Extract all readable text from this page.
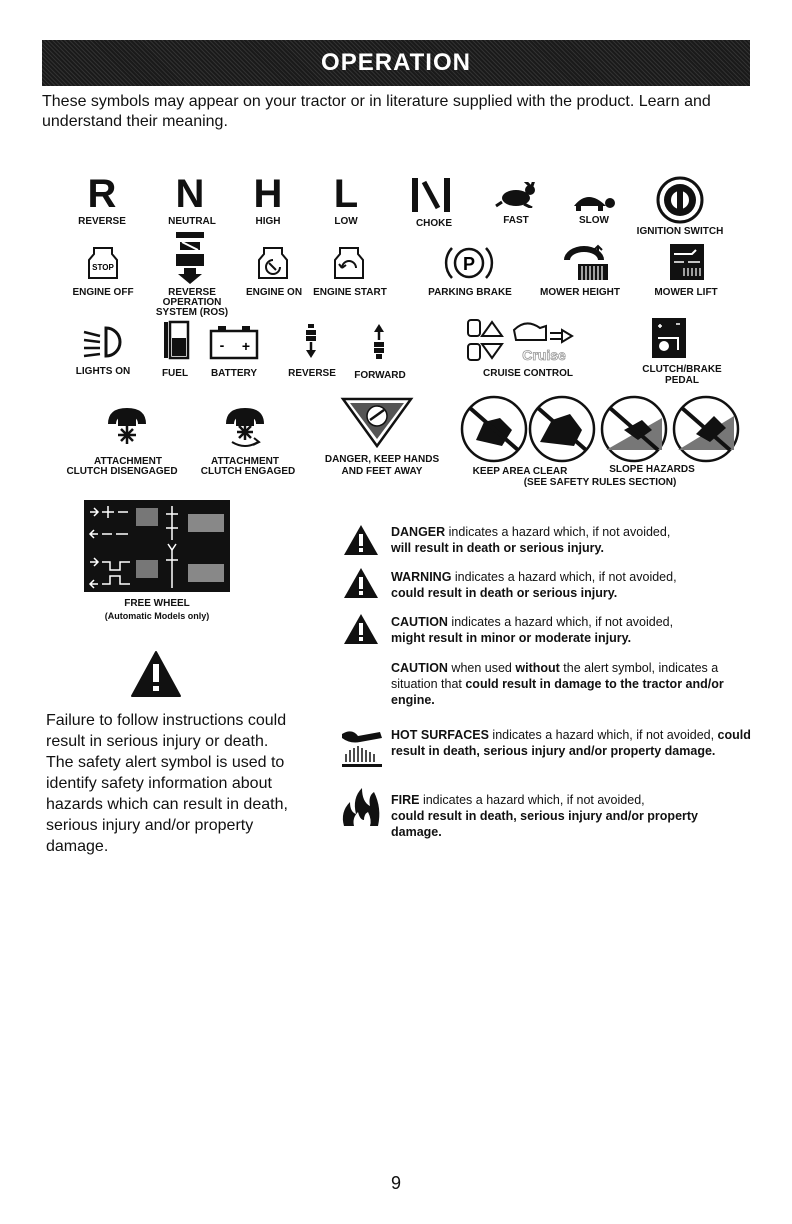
OPERATION
These symbols may appear on your tractor or in literature supplied with the product. Learn and understand their meaning.
R
REVERSE
N
NEUTRAL
H
HIGH
L
LOW	CHOKE	FAST	SLOW
IGNITION SWITCH
STOP
ENGINE OFF	REVERSE
OPERATION
SYSTEM (ROS)
ENGINE ON ENGINE START
P
PARKING BRAKE	MOWER HEIGHT	MOWER LIFT
LIGHTS ON	FUEL
- +
BATTERY	REVERSE FORWARD
Cruise
CRUISE CONTROL	CLUTCH/BRAKE
PEDAL
ATTACHMENT
CLUTCH DISENGAGED
ATTACHMENT
CLUTCH ENGAGED
DANGER, KEEP HANDS
AND FEET AWAY	KEEP AREA CLEAR	SLOPE HAZARDS
(SEE SAFETY RULES SECTION)
FREE WHEEL
(Automatic Models only)
Failure to follow instructions could result in serious injury or death. The safety alert symbol is used to identify safety information about hazards which can result in death, serious injury and/or property damage.
DANGER indicates a hazard which, if not avoided,
will result in death or serious injury.
WARNING indicates a hazard which, if not avoided,
could result in death or serious injury.
CAUTION indicates a hazard which, if not avoided,
might result in minor or moderate injury.
CAUTION when used without the alert symbol, indicates a situation that could result in damage to the tractor and/or engine.
HOT SURFACES indicates a hazard which, if not avoided, could result in death, serious injury and/or property damage.
FIRE indicates a hazard which, if not avoided,
could result in death, serious injury and/or property damage.
9
